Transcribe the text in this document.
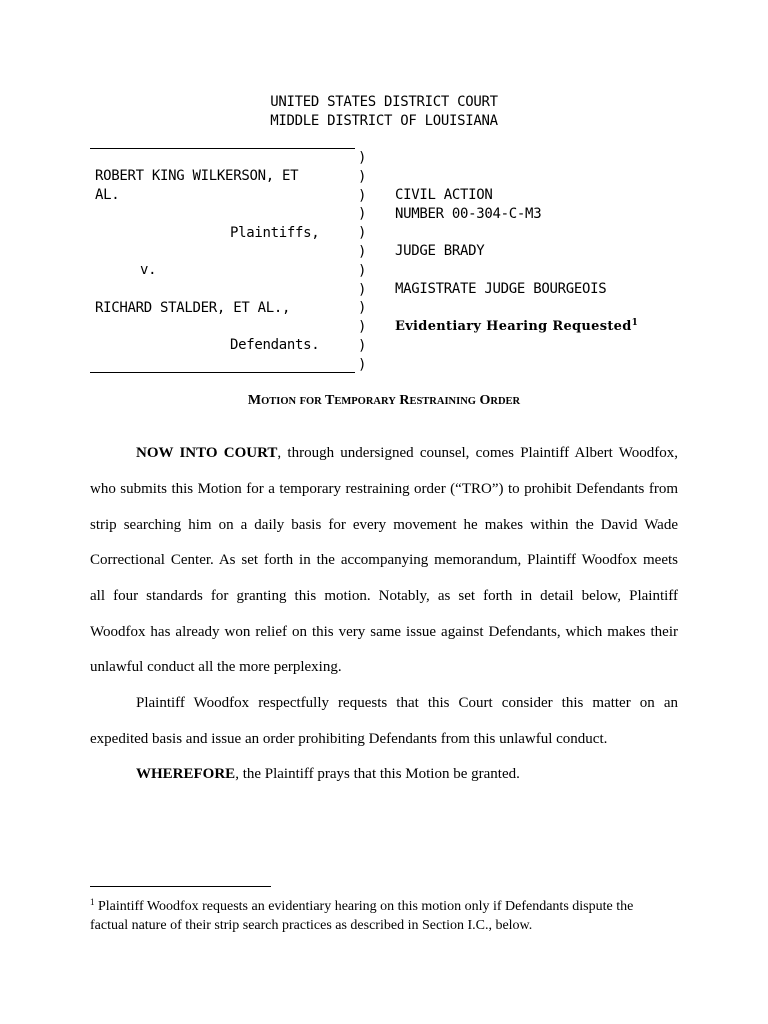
UNITED STATES DISTRICT COURT
MIDDLE DISTRICT OF LOUISIANA
ROBERT KING WILKERSON, ET
AL.
Plaintiffs,
v.
RICHARD STALDER, ET AL.,
Defendants.
)
)
)
)
)
)
)
)
)
)
)
)
CIVIL ACTION
NUMBER 00-304-C-M3
JUDGE BRADY
MAGISTRATE JUDGE BOURGEOIS
Evidentiary Hearing Requested$^1$
MOTION FOR TEMPORARY RESTRAINING ORDER
NOW INTO COURT, through undersigned counsel, comes Plaintiff Albert Woodfox,
who submits this Motion for a temporary restraining order (“TRO”) to prohibit Defendants from
strip searching him on a daily basis for every movement he makes within the David Wade
Correctional Center. As set forth in the accompanying memorandum, Plaintiff Woodfox meets
all four standards for granting this motion. Notably, as set forth in detail below, Plaintiff
Woodfox has already won relief on this very same issue against Defendants, which makes their
unlawful conduct all the more perplexing.
Plaintiff Woodfox respectfully requests that this Court consider this matter on an
expedited basis and issue an order prohibiting Defendants from this unlawful conduct.
WHEREFORE, the Plaintiff prays that this Motion be granted.
$^1$ Plaintiff Woodfox requests an evidentiary hearing on this motion only if Defendants dispute the
factual nature of their strip search practices as described in Section I.C., below.
